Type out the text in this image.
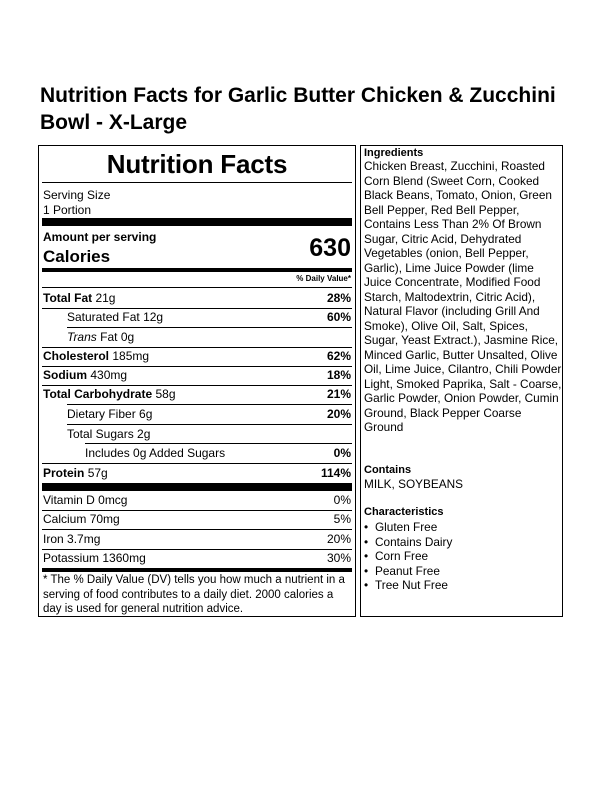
Nutrition Facts for Garlic Butter Chicken & Zucchini Bowl - X-Large
Nutrition Facts
Serving Size
1 Portion
Amount per serving
Calories	630
% Daily Value*
Total Fat 21g	28%
Saturated Fat 12g	60%
Trans Fat 0g
Cholesterol 185mg	62%
Sodium 430mg	18%
Total Carbohydrate 58g	21%
Dietary Fiber 6g	20%
Total Sugars 2g
Includes 0g Added Sugars	0%
Protein 57g	114%
Vitamin D 0mcg	0%
Calcium 70mg	5%
Iron 3.7mg	20%
Potassium 1360mg	30%
* The % Daily Value (DV) tells you how much a nutrient in a serving of food contributes to a daily diet. 2000 calories a day is used for general nutrition advice.
Ingredients
Chicken Breast, Zucchini, Roasted Corn Blend (Sweet Corn, Cooked Black Beans, Tomato, Onion, Green Bell Pepper, Red Bell Pepper, Contains Less Than 2% Of Brown Sugar, Citric Acid, Dehydrated Vegetables (onion, Bell Pepper, Garlic), Lime Juice Powder (lime Juice Concentrate, Modified Food Starch, Maltodextrin, Citric Acid), Natural Flavor (including Grill And Smoke), Olive Oil, Salt, Spices, Sugar, Yeast Extract.), Jasmine Rice, Minced Garlic, Butter Unsalted, Olive Oil, Lime Juice, Cilantro, Chili Powder Light, Smoked Paprika, Salt - Coarse, Garlic Powder, Onion Powder, Cumin Ground, Black Pepper Coarse Ground
Contains
MILK, SOYBEANS
Characteristics
• Gluten Free
• Contains Dairy
• Corn Free
• Peanut Free
• Tree Nut Free
